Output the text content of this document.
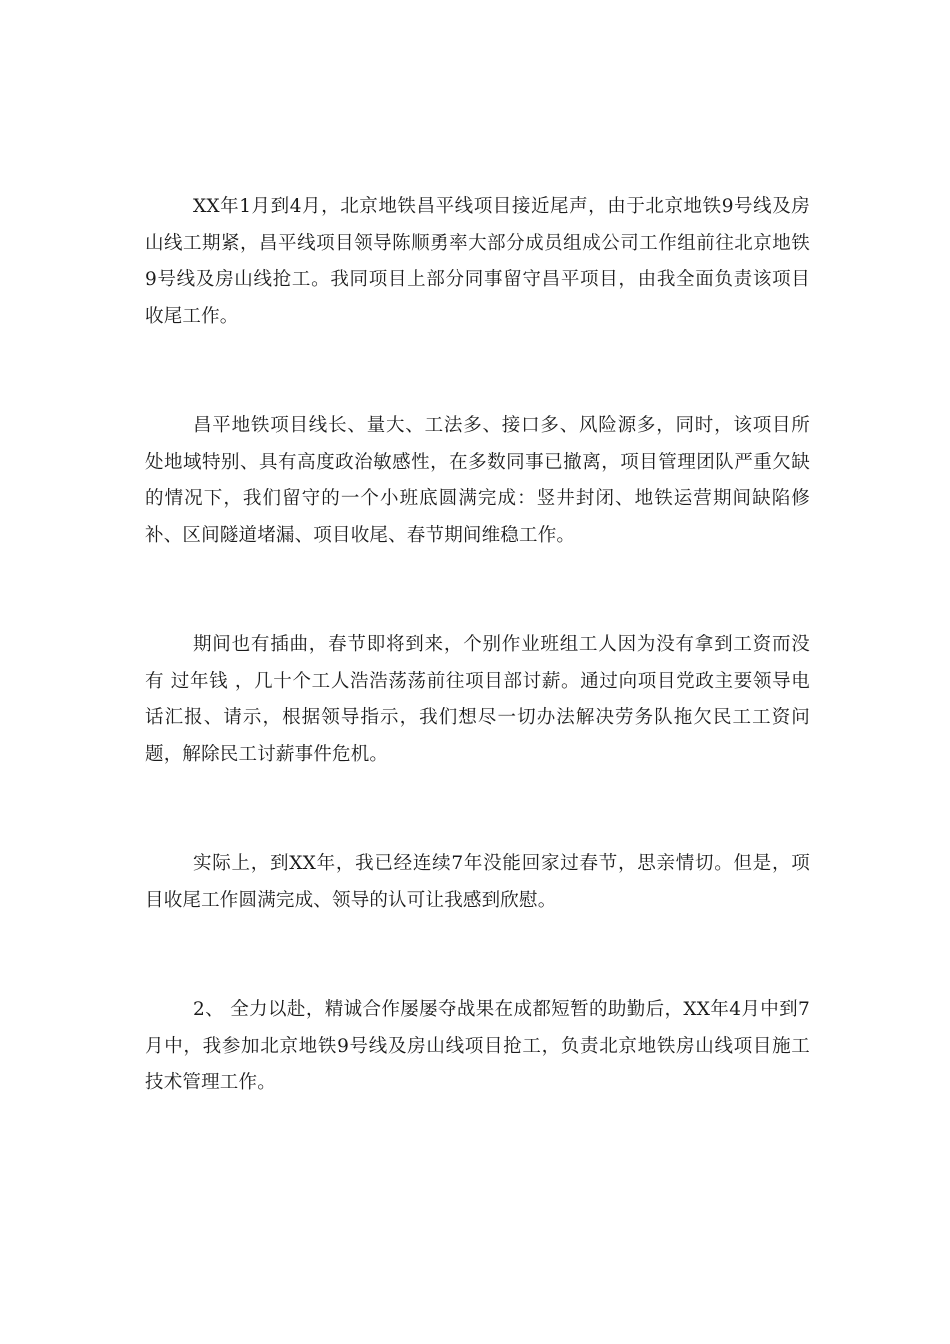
XX年1月到4月，北京地铁昌平线项目接近尾声，由于北京地铁9号线及房山线工期紧，昌平线项目领导陈顺勇率大部分成员组成公司工作组前往北京地铁9号线及房山线抢工。我同项目上部分同事留守昌平项目，由我全面负责该项目收尾工作。

昌平地铁项目线长、量大、工法多、接口多、风险源多，同时，该项目所处地域特别、具有高度政治敏感性，在多数同事已撤离，项目管理团队严重欠缺的情况下，我们留守的一个小班底圆满完成：竖井封闭、地铁运营期间缺陷修补、区间隧道堵漏、项目收尾、春节期间维稳工作。

期间也有插曲，春节即将到来，个别作业班组工人因为没有拿到工资而没有 过年钱 ，几十个工人浩浩荡荡前往项目部讨薪。通过向项目党政主要领导电话汇报、请示，根据领导指示，我们想尽一切办法解决劳务队拖欠民工工资问题，解除民工讨薪事件危机。

实际上，到XX年，我已经连续7年没能回家过春节，思亲情切。但是，项目收尾工作圆满完成、领导的认可让我感到欣慰。

2、 全力以赴，精诚合作屡屡夺战果在成都短暂的助勤后，XX年4月中到7月中，我参加北京地铁9号线及房山线项目抢工，负责北京地铁房山线项目施工技术管理工作。
